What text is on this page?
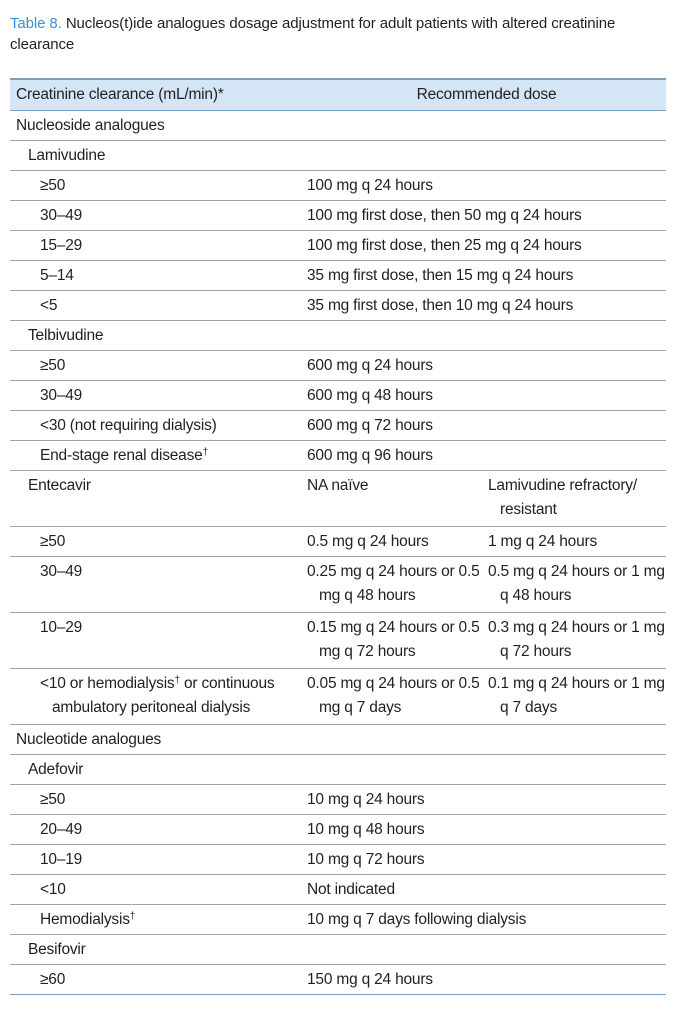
Table 8. Nucleos(t)ide analogues dosage adjustment for adult patients with altered creatinine clearance
Creatinine clearance (mL/min)*	Recommended dose	
Nucleoside analogues		
Lamivudine		
≥50	100 mg q 24 hours	
30–49	100 mg first dose, then 50 mg q 24 hours	
15–29	100 mg first dose, then 25 mg q 24 hours	
5–14	35 mg first dose, then 15 mg q 24 hours	
<5	35 mg first dose, then 10 mg q 24 hours	
Telbivudine		
≥50	600 mg q 24 hours	
30–49	600 mg q 48 hours	
<30 (not requiring dialysis)	600 mg q 72 hours	
End-stage renal disease†	600 mg q 96 hours	
Entecavir	NA naïve	Lamivudine refractory/ resistant

≥50	0.5 mg q 24 hours	1 mg q 24 hours
30–49	0.25 mg q 24 hours or 0.5 mg q 48 hours	0.5 mg q 24 hours or 1 mg q 48 hours

10–29	0.15 mg q 24 hours or 0.5 mg q 72 hours	0.3 mg q 24 hours or 1 mg q 72 hours

<10 or hemodialysis† or continuous ambulatory peritoneal dialysis	0.05 mg q 24 hours or 0.5 mg q 7 days	0.1 mg q 24 hours or 1 mg q 7 days

Nucleotide analogues		
Adefovir		
≥50	10 mg q 24 hours	
20–49	10 mg q 48 hours	
10–19	10 mg q 72 hours	
<10	Not indicated	
Hemodialysis†	10 mg q 7 days following dialysis	
Besifovir		
≥60	150 mg q 24 hours	
